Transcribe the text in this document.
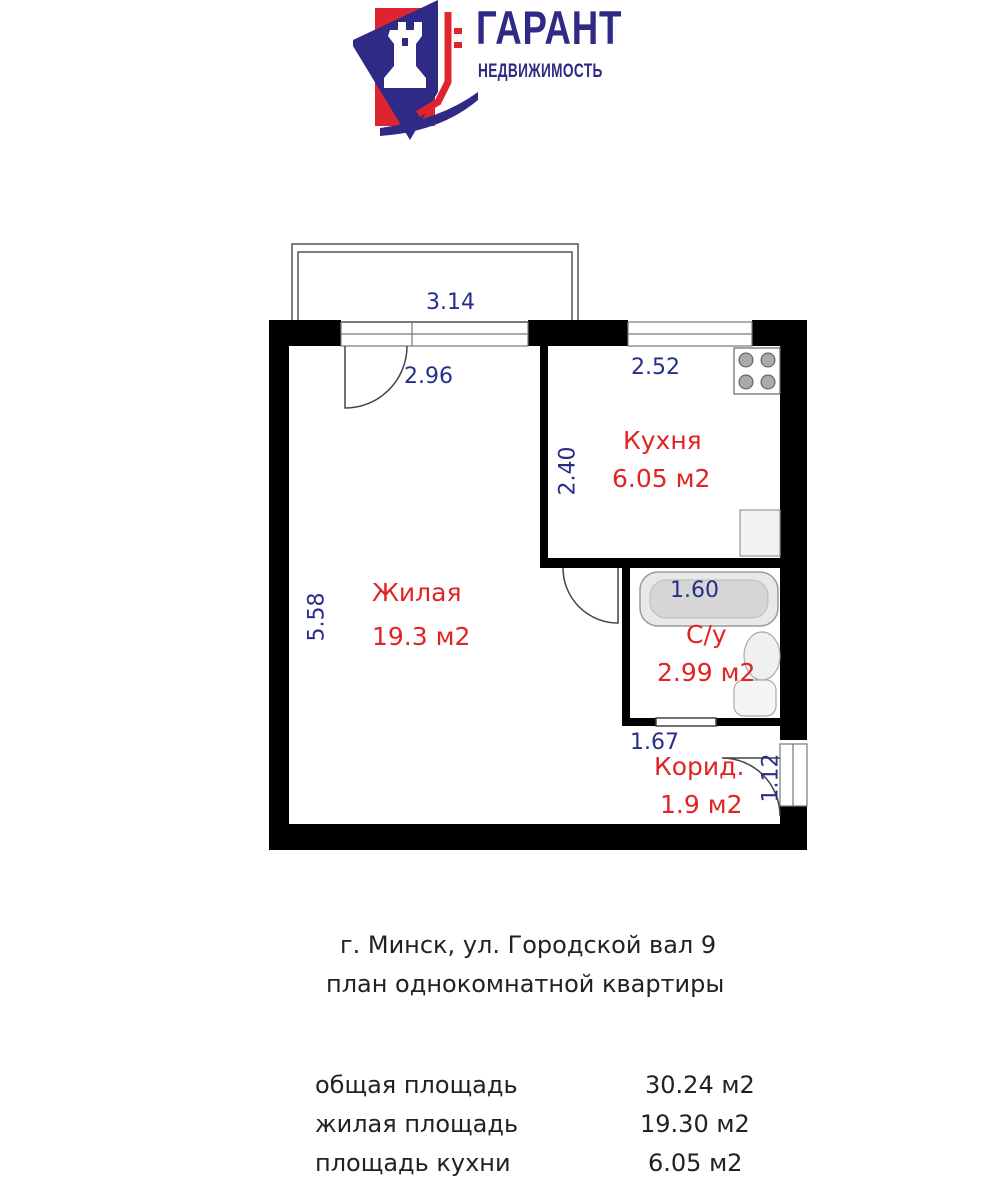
ГАРАНТ
НЕДВИЖИМОСТЬ
3.14
2.96	2.52
2.40
5.58
1.60
1.67
1.12
Жилая
19.3 м2
Кухня
6.05 м2
С/у
2.99 м2
Корид.
1.9 м2
г. Минск, ул. Городской вал 9
план однокомнатной квартиры
общая площадь	30.24 м2
жилая площадь	19.30 м2
площадь кухни	6.05 м2
